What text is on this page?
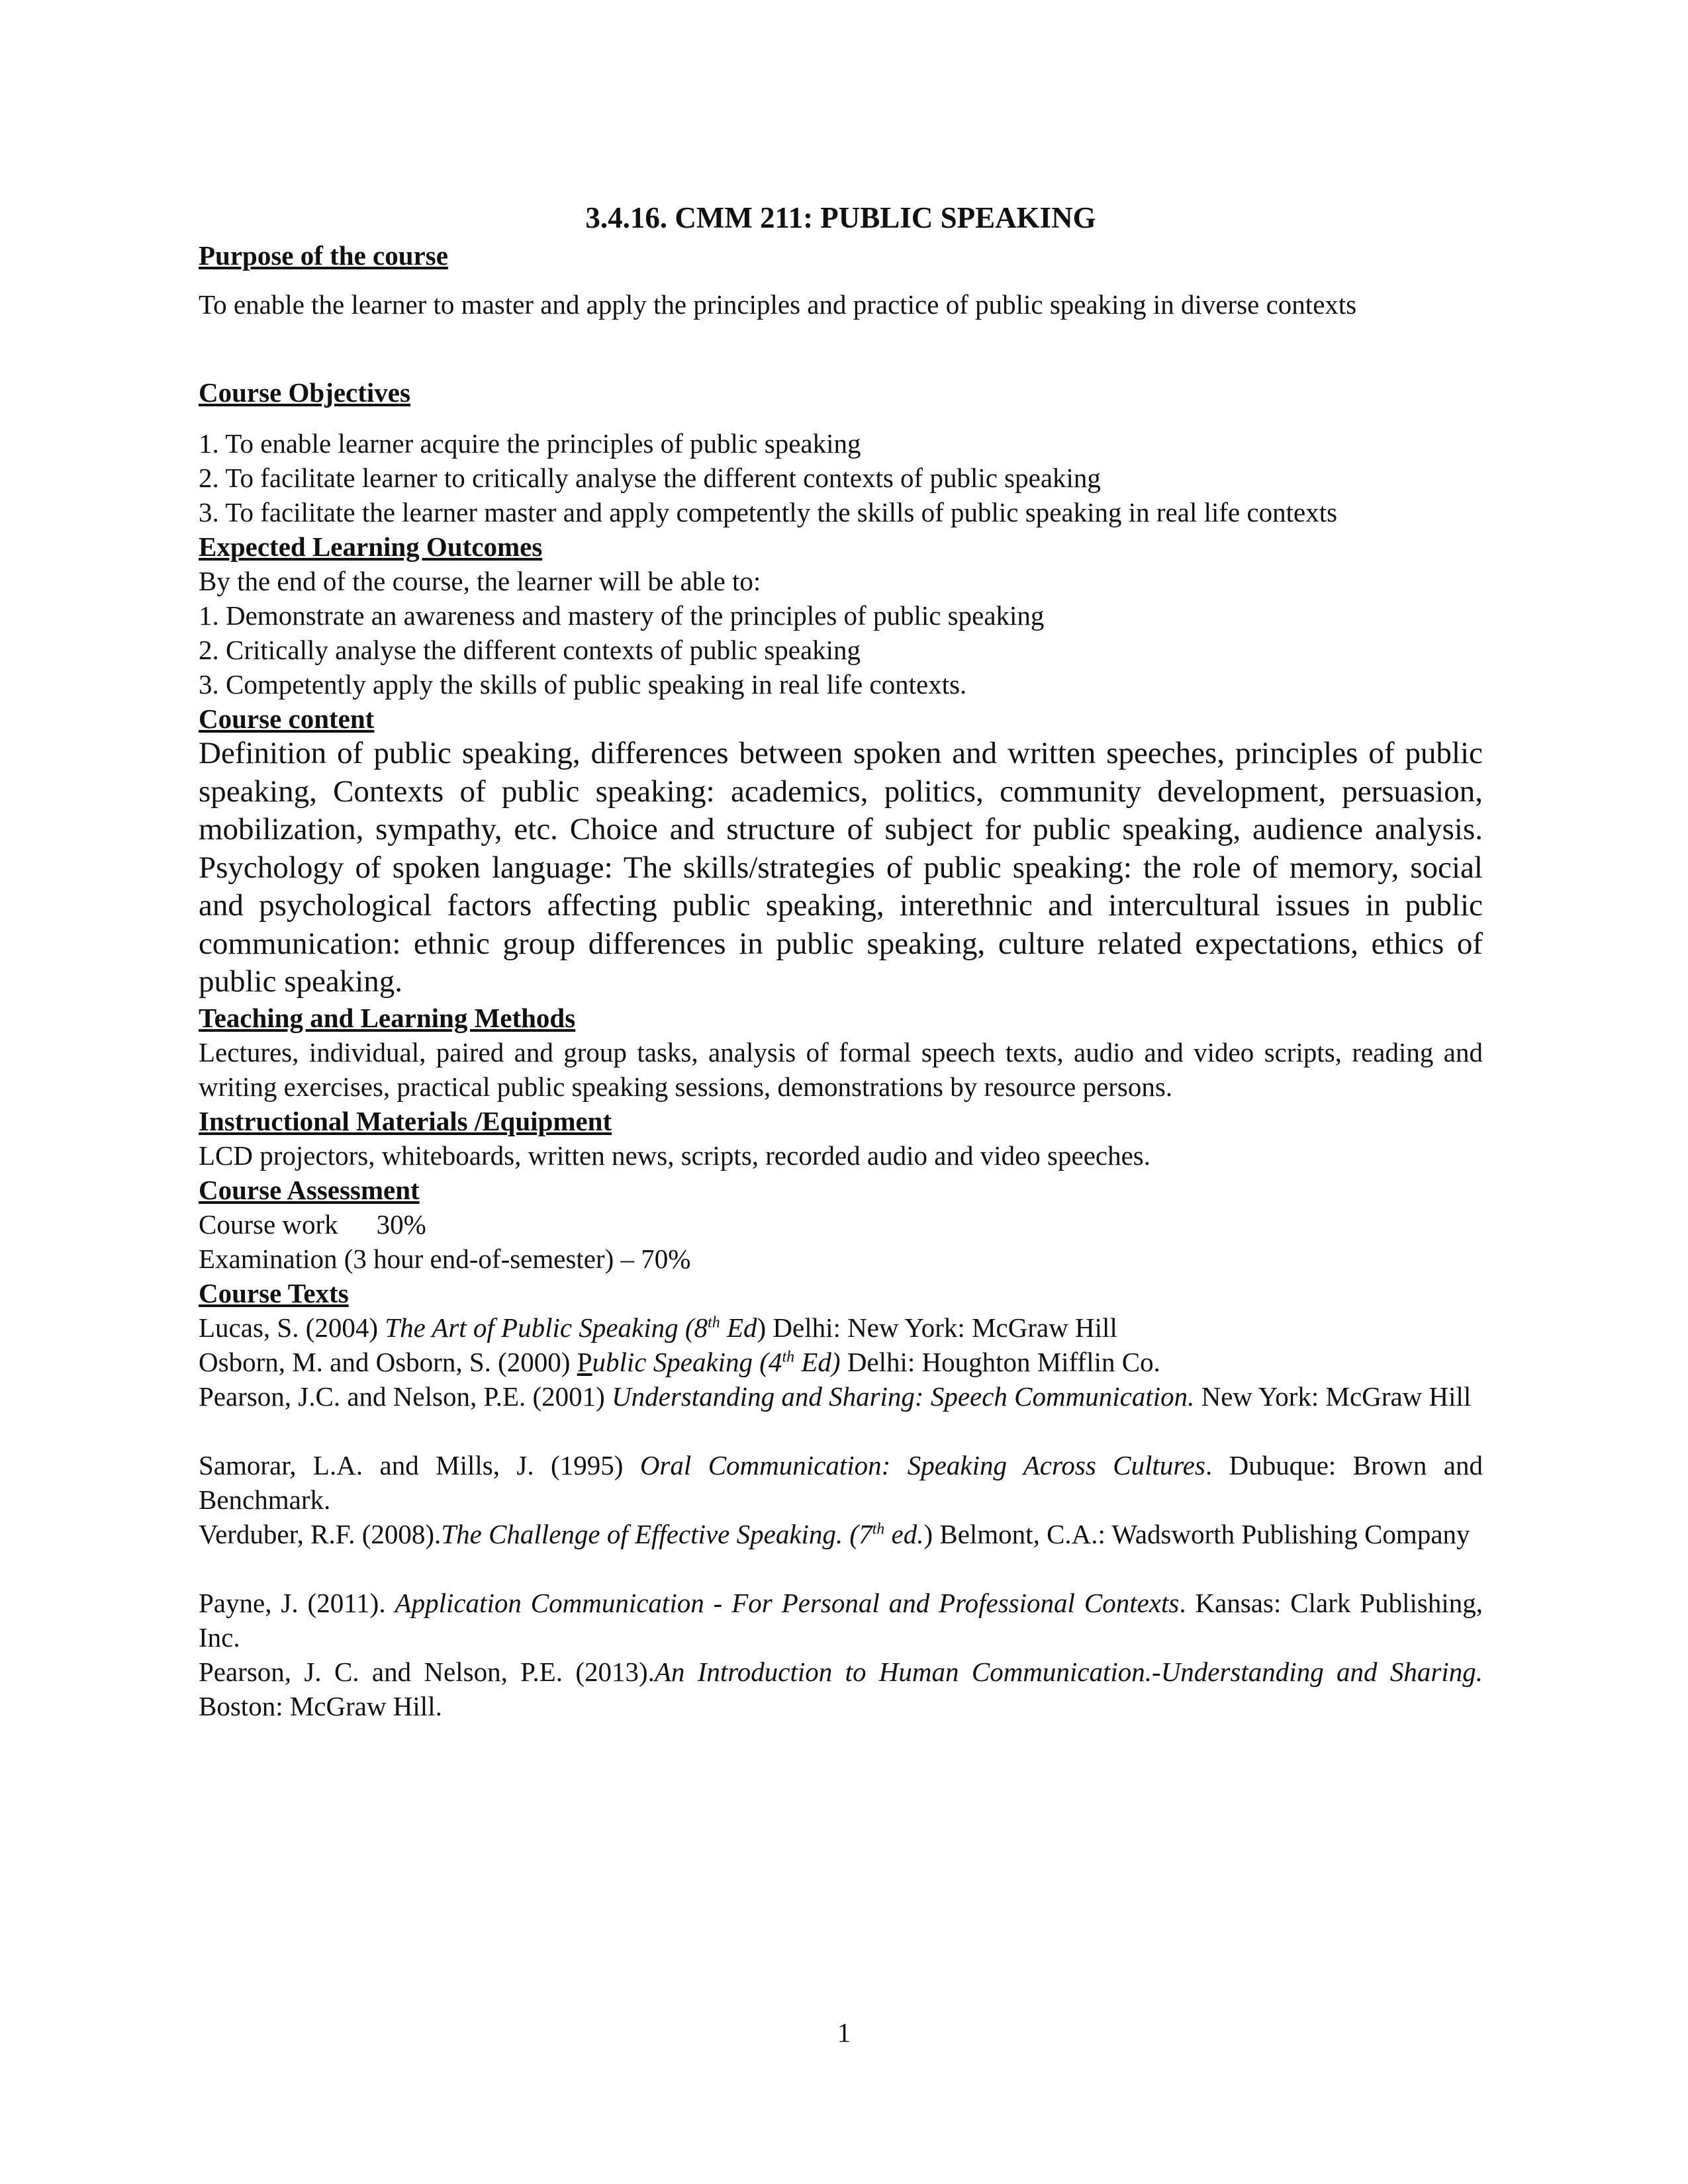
3.4.16. CMM 211: PUBLIC SPEAKING
Purpose of the course
To enable the learner to master and apply the principles and practice of public speaking in diverse contexts
Course Objectives
1. To enable learner acquire the principles of public speaking
2. To facilitate learner to critically analyse the different contexts of public speaking
3. To facilitate the learner master and apply competently the skills of public speaking in real life contexts
Expected Learning Outcomes
By the end of the course, the learner will be able to:
1. Demonstrate an awareness and mastery of the principles of public speaking
2. Critically analyse the different contexts of public speaking
3. Competently apply the skills of public speaking in real life contexts.
Course content
Definition of public speaking, differences between spoken and written speeches, principles of public speaking, Contexts of public speaking: academics, politics, community development, persuasion, mobilization, sympathy, etc. Choice and structure of subject for public speaking, audience analysis. Psychology of spoken language: The skills/strategies of public speaking: the role of memory, social and psychological factors affecting public speaking, interethnic and intercultural issues in public communication: ethnic group differences in public speaking, culture related expectations, ethics of public speaking.
Teaching and Learning Methods
Lectures, individual, paired and group tasks, analysis of formal speech texts, audio and video scripts, reading and writing exercises, practical public speaking sessions, demonstrations by resource persons.
Instructional Materials /Equipment
LCD projectors, whiteboards, written news, scripts, recorded audio and video speeches.
Course Assessment
Course work 30%
Examination (3 hour end-of-semester) – 70%
Course Texts
Lucas, S. (2004) The Art of Public Speaking (8th Ed) Delhi: New York: McGraw Hill
Osborn, M. and Osborn, S. (2000) Public Speaking (4th Ed) Delhi: Houghton Mifflin Co.
Pearson, J.C. and Nelson, P.E. (2001) Understanding and Sharing: Speech Communication. New York: McGraw Hill
Samorar, L.A. and Mills, J. (1995) Oral Communication: Speaking Across Cultures. Dubuque: Brown and Benchmark.
Verduber, R.F. (2008).The Challenge of Effective Speaking. (7th ed.) Belmont, C.A.: Wadsworth Publishing Company
Payne, J. (2011). Application Communication - For Personal and Professional Contexts. Kansas: Clark Publishing, Inc.
Pearson, J. C. and Nelson, P.E. (2013).An Introduction to Human Communication.-Understanding and Sharing. Boston: McGraw Hill.
1
